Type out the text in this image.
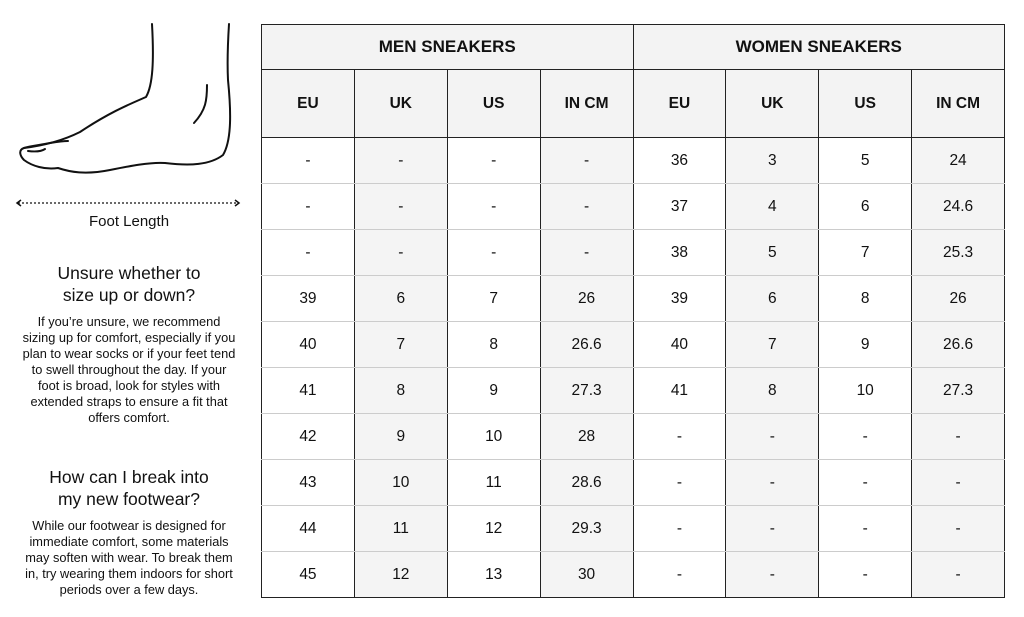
Foot Length
Unsure whether to
size up or down?

If you’re unsure, we recommend sizing up for comfort, especially if you plan to wear socks or if your feet tend to swell throughout the day. If your foot is broad, look for styles with extended straps to ensure a fit that offers comfort.

How can I break into
my new footwear?

While our footwear is designed for immediate comfort, some materials may soften with wear. To break them in, try wearing them indoors for short periods over a few days.

MEN SNEAKERS				WOMEN SNEAKERS			
EU	UK	US	IN CM	EU	UK	US	IN CM
-	-	-	-	36	3	5	24
-	-	-	-	37	4	6	24.6
-	-	-	-	38	5	7	25.3
39	6	7	26	39	6	8	26
40	7	8	26.6	40	7	9	26.6
41	8	9	27.3	41	8	10	27.3
42	9	10	28	-	-	-	-
43	10	11	28.6	-	-	-	-
44	11	12	29.3	-	-	-	-
45	12	13	30	-	-	-	-
